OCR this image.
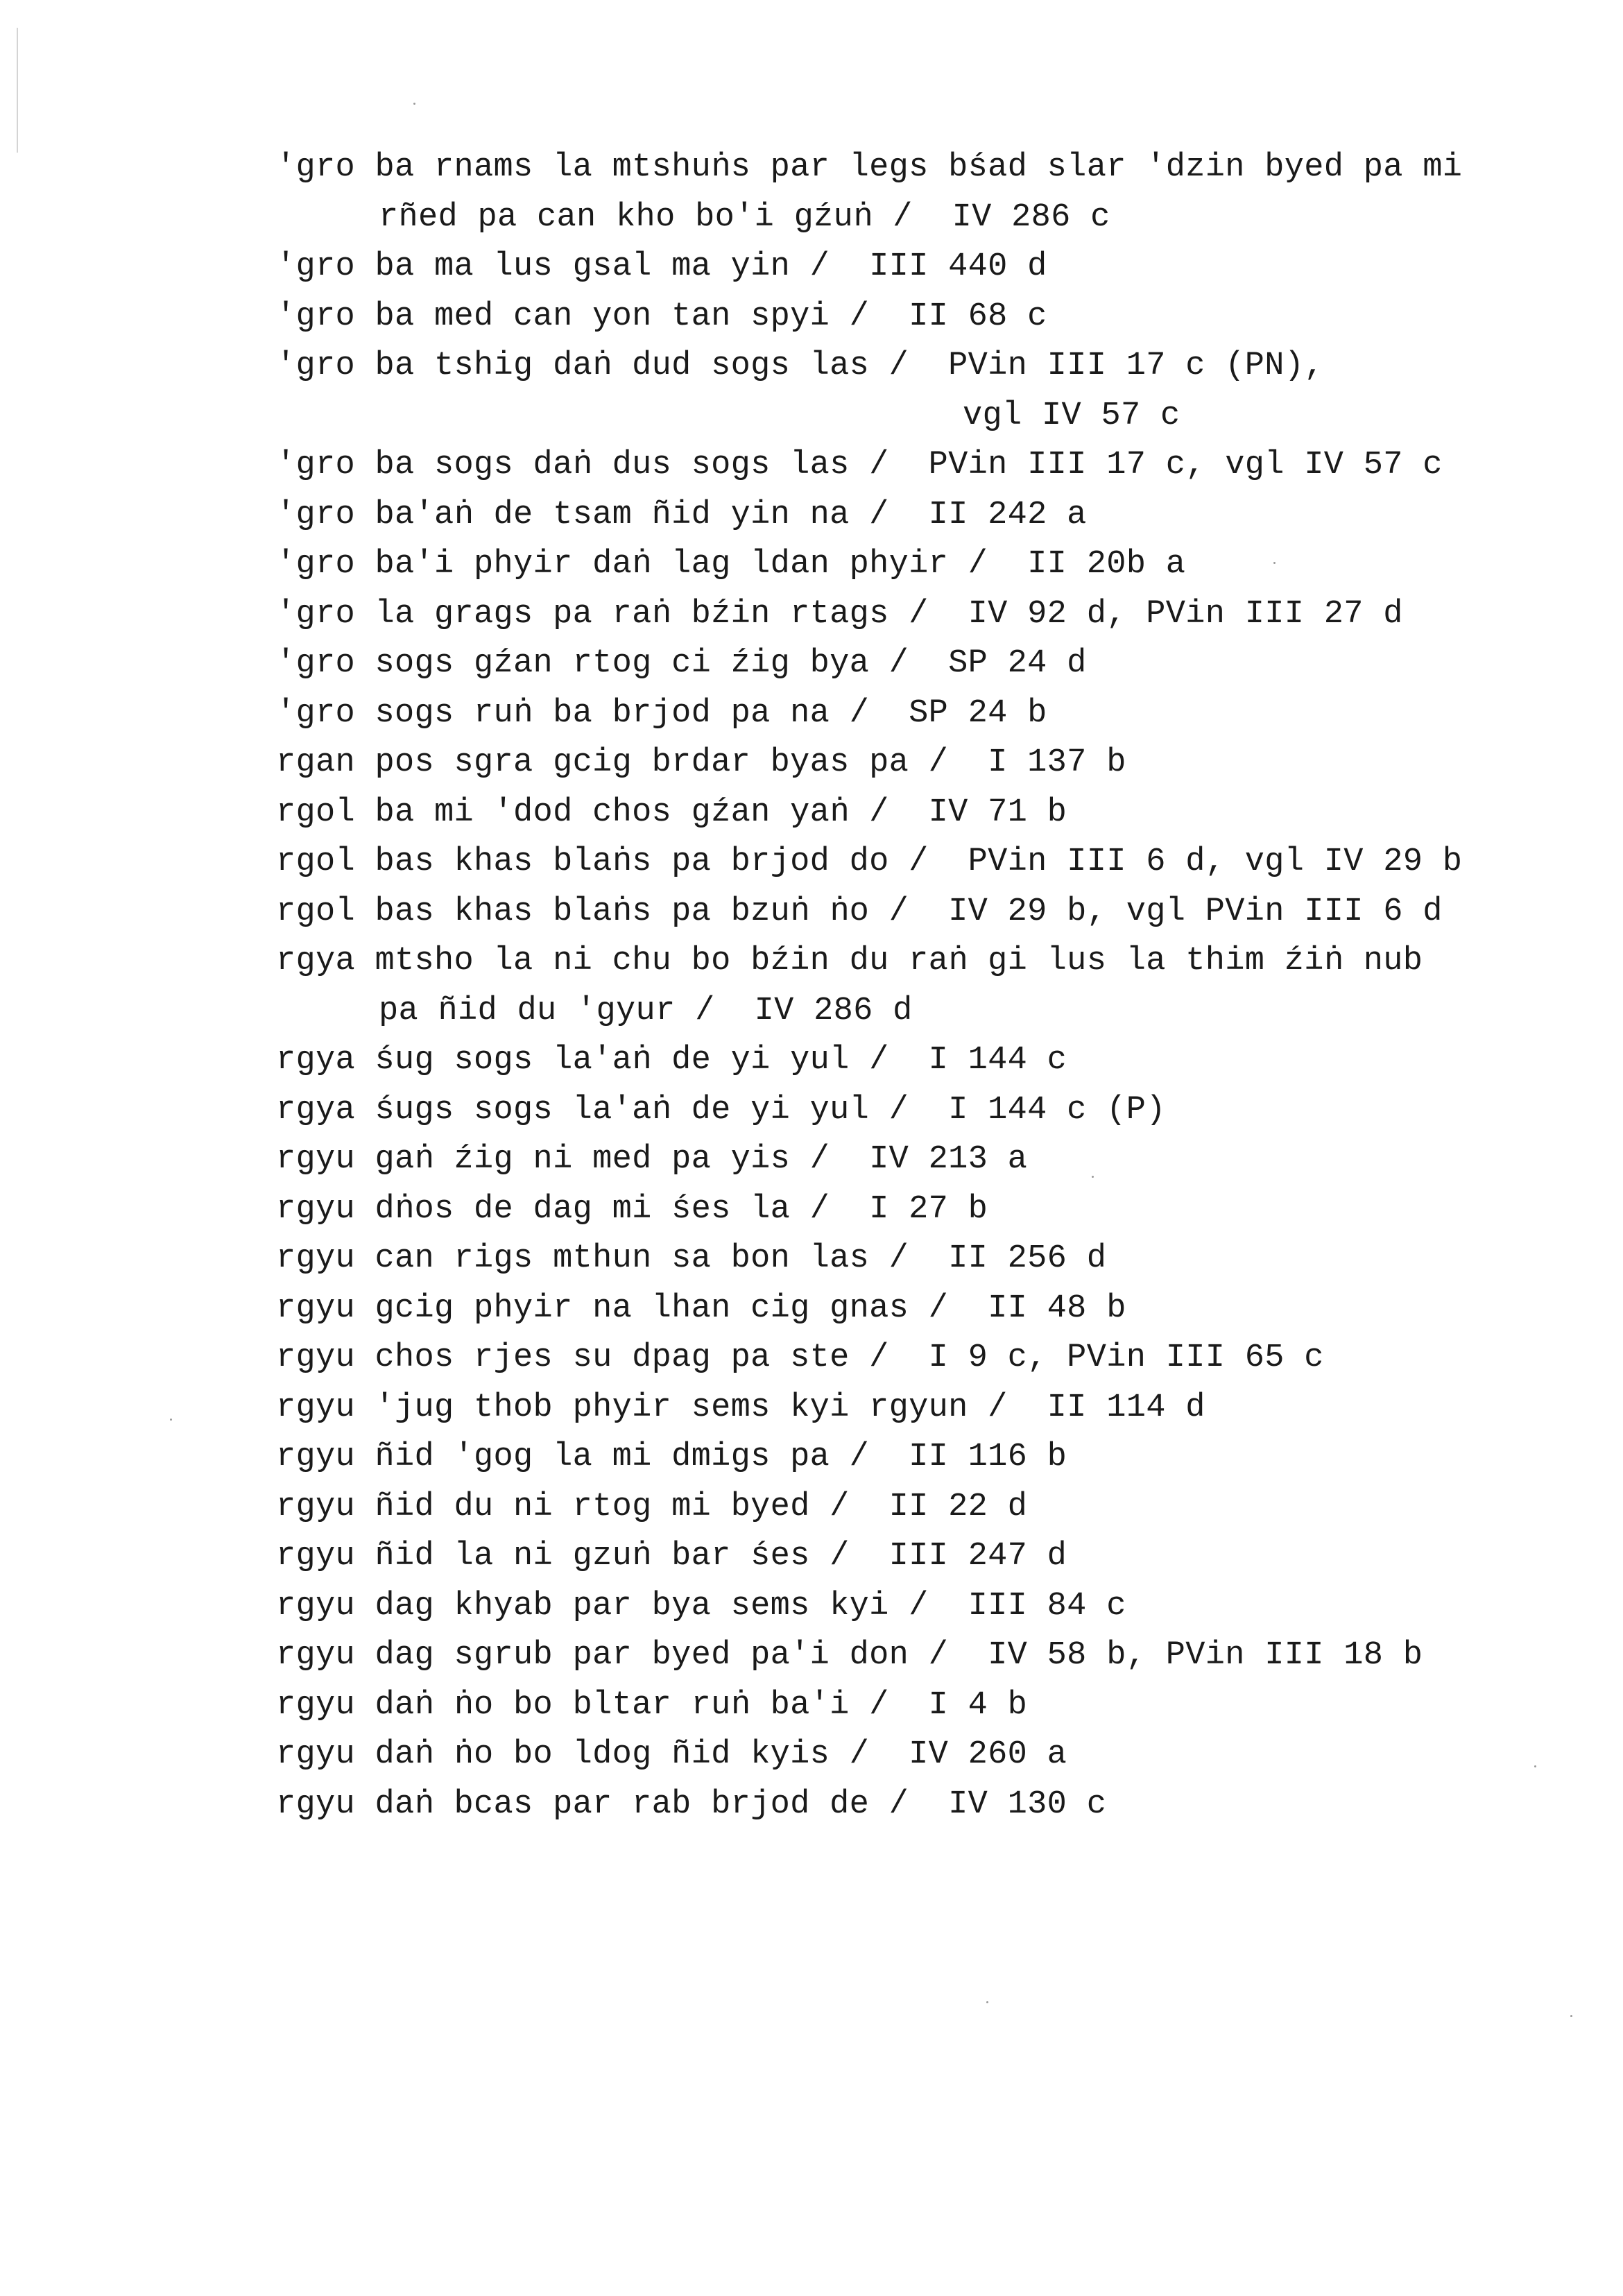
'gro ba rnams la mtshuṅs par legs bśad slar 'dzin byed pa mi
rñed pa can kho bo'i gźuṅ /  IV 286 c
'gro ba ma lus gsal ma yin /  III 440 d
'gro ba med can yon tan spyi /  II 68 c
'gro ba tshig daṅ dud sogs las /  PVin III 17 c (PN),
vgl IV 57 c
'gro ba sogs daṅ dus sogs las /  PVin III 17 c, vgl IV 57 c
'gro ba'aṅ de tsam ñid yin na /  II 242 a
'gro ba'i phyir daṅ lag ldan phyir /  II 20b a
'gro la grags pa raṅ bźin rtags /  IV 92 d, PVin III 27 d
'gro sogs gźan rtog ci źig bya /  SP 24 d
'gro sogs ruṅ ba brjod pa na /  SP 24 b
rgan pos sgra gcig brdar byas pa /  I 137 b
rgol ba mi 'dod chos gźan yaṅ /  IV 71 b
rgol bas khas blaṅs pa brjod do /  PVin III 6 d, vgl IV 29 b
rgol bas khas blaṅs pa bzuṅ ṅo /  IV 29 b, vgl PVin III 6 d
rgya mtsho la ni chu bo bźin du raṅ gi lus la thim źiṅ nub
pa ñid du 'gyur /  IV 286 d
rgya śug sogs la'aṅ de yi yul /  I 144 c
rgya śugs sogs la'aṅ de yi yul /  I 144 c (P)
rgyu gaṅ źig ni med pa yis /  IV 213 a
rgyu dṅos de dag mi śes la /  I 27 b
rgyu can rigs mthun sa bon las /  II 256 d
rgyu gcig phyir na lhan cig gnas /  II 48 b
rgyu chos rjes su dpag pa ste /  I 9 c, PVin III 65 c
rgyu 'jug thob phyir sems kyi rgyun /  II 114 d
rgyu ñid 'gog la mi dmigs pa /  II 116 b
rgyu ñid du ni rtog mi byed /  II 22 d
rgyu ñid la ni gzuṅ bar śes /  III 247 d
rgyu dag khyab par bya sems kyi /  III 84 c
rgyu dag sgrub par byed pa'i don /  IV 58 b, PVin III 18 b
rgyu daṅ ṅo bo bltar ruṅ ba'i /  I 4 b
rgyu daṅ ṅo bo ldog ñid kyis /  IV 260 a
rgyu daṅ bcas par rab brjod de /  IV 130 c
